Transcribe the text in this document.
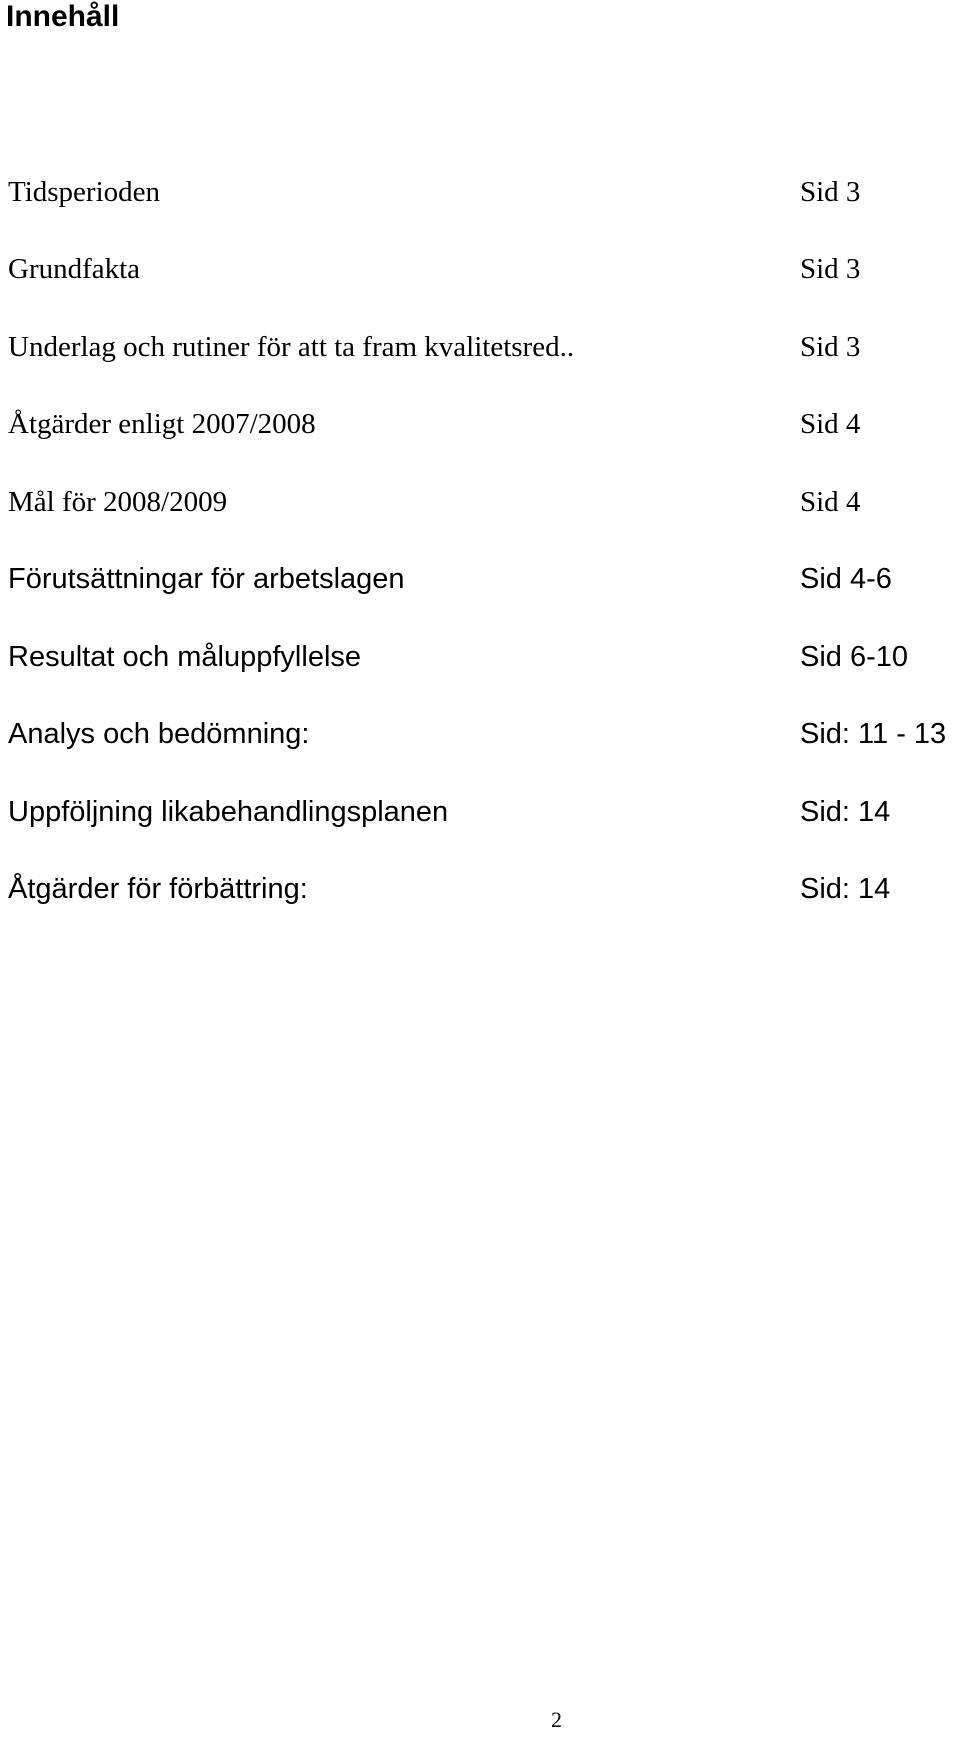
Innehåll
Tidsperioden	Sid 3
Grundfakta	Sid 3
Underlag och rutiner för att ta fram kvalitetsred..	Sid 3
Åtgärder enligt 2007/2008	Sid 4
Mål för 2008/2009	Sid 4
Förutsättningar för arbetslagen	Sid 4-6
Resultat och måluppfyllelse	Sid 6-10
Analys och bedömning:	Sid: 11 - 13
Uppföljning likabehandlingsplanen	Sid: 14
Åtgärder för förbättring:	Sid: 14
2
